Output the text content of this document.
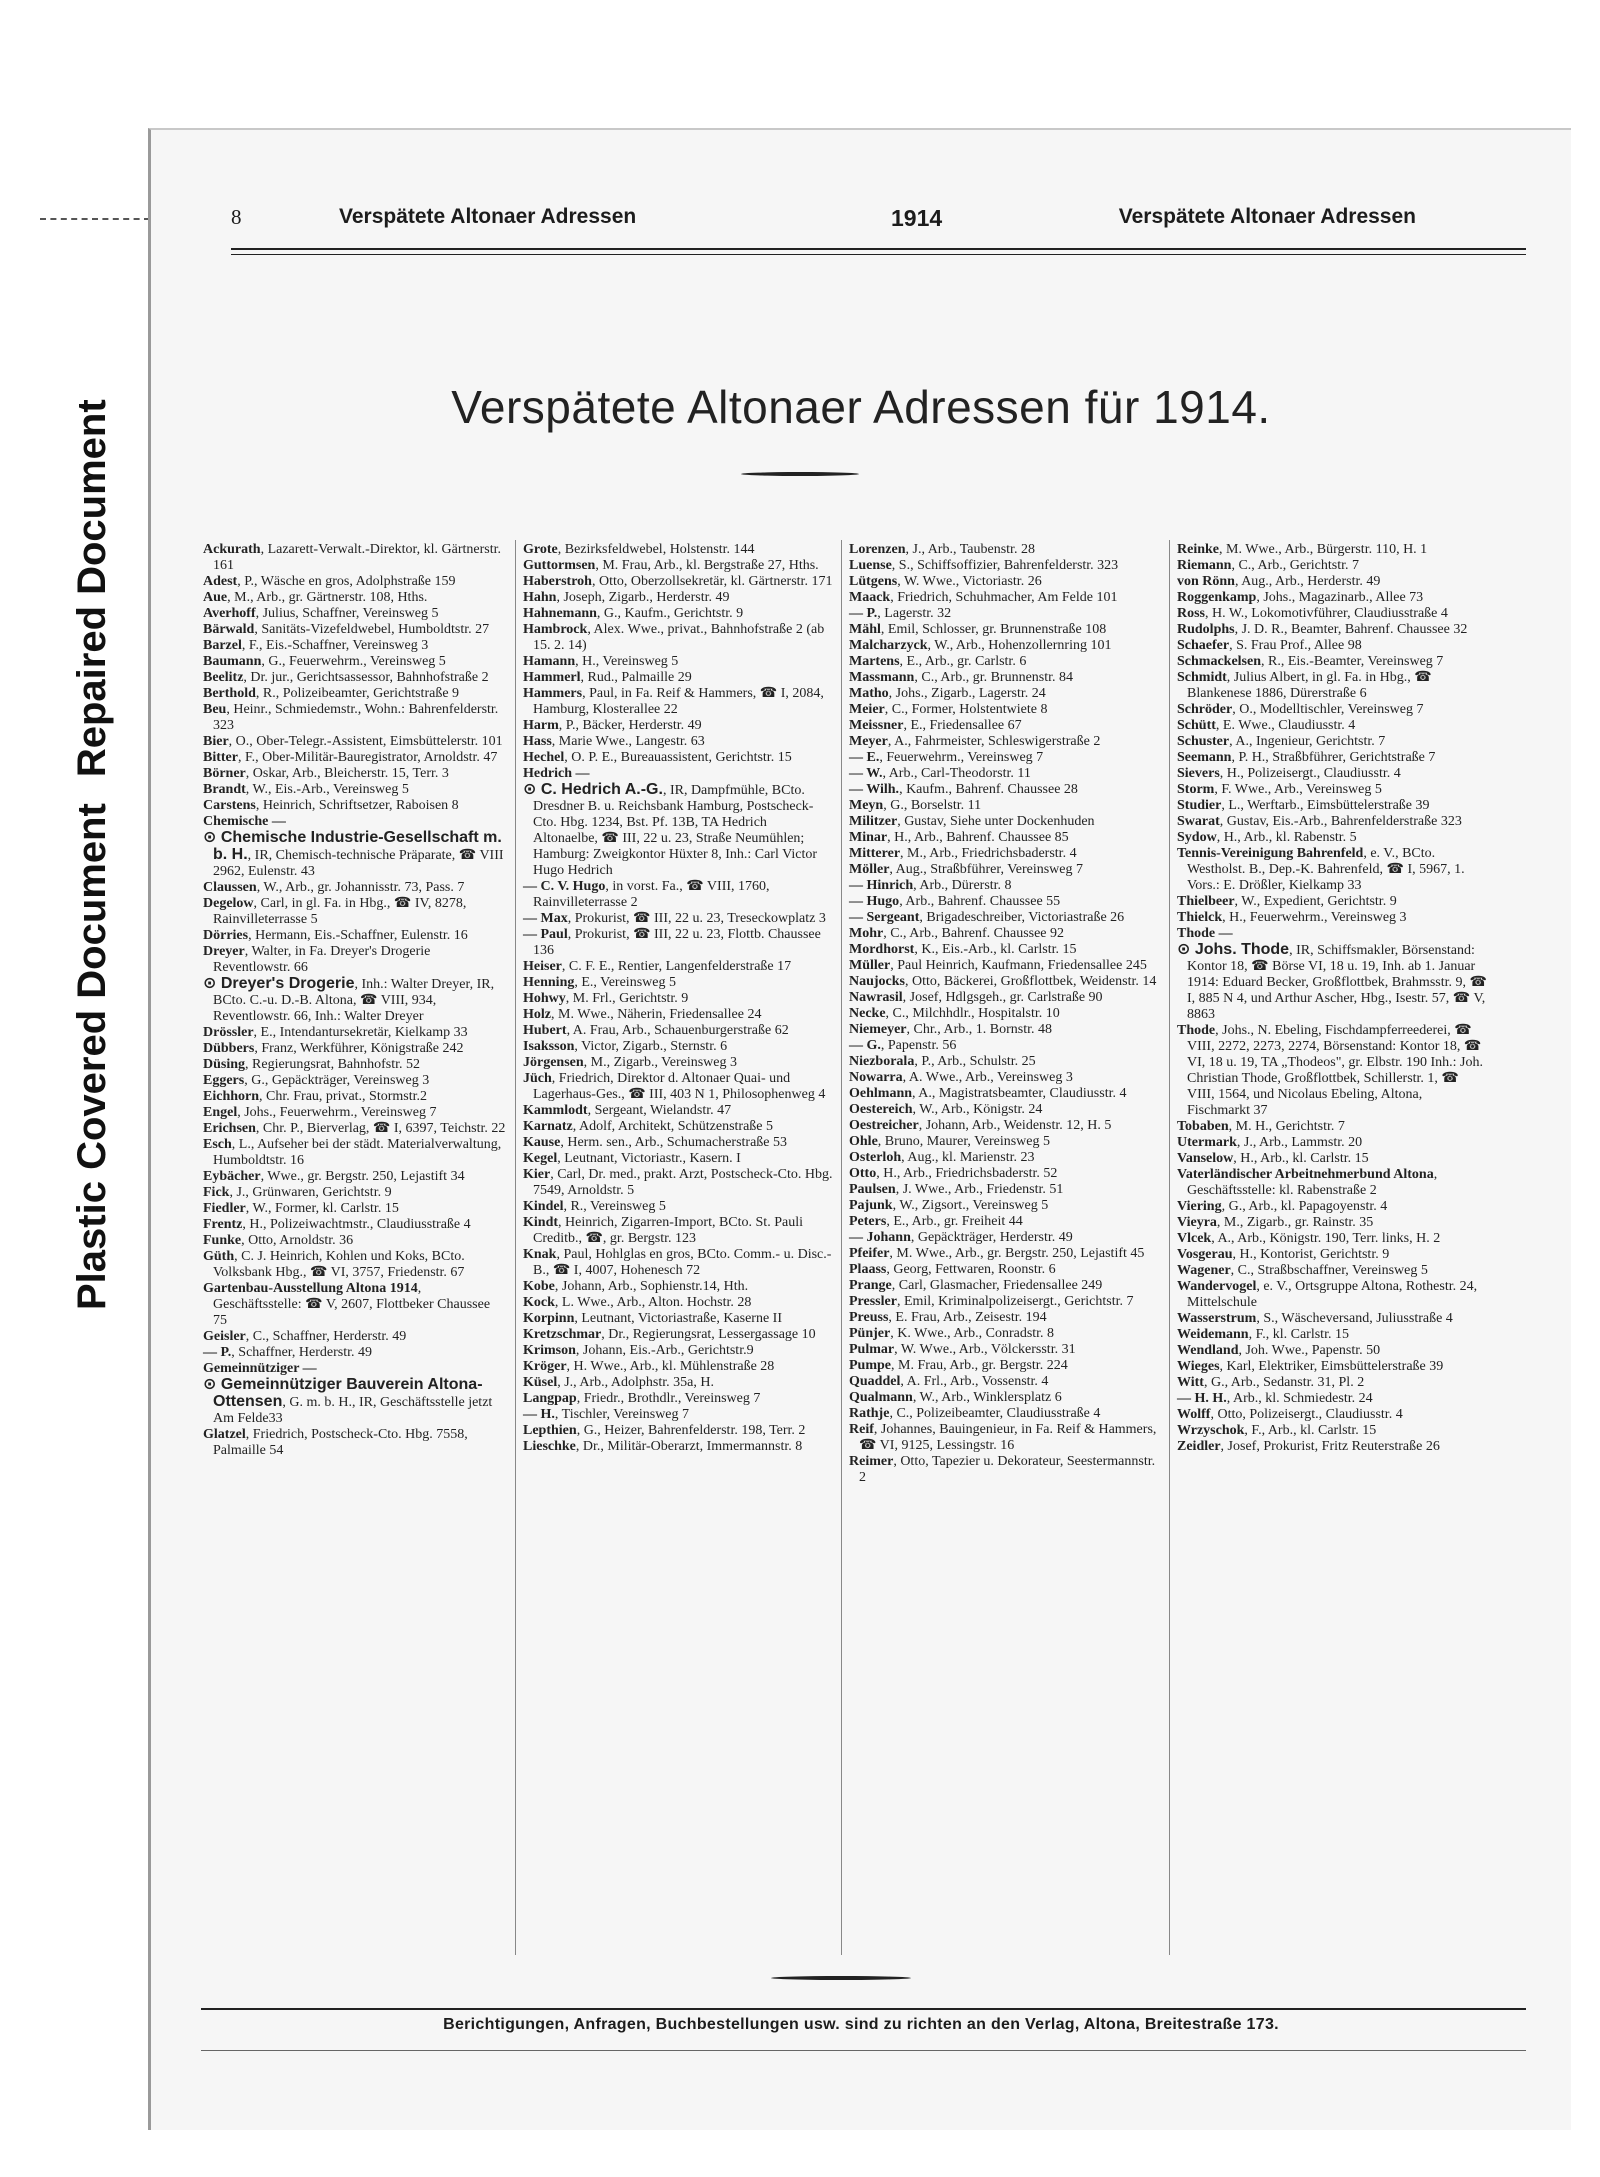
Plastic Covered DocumentRepaired Document
8	Verspätete Altonaer Adressen	1914	Verspätete Altonaer Adressen
Verspätete Altonaer Adressen für 1914.

Ackurath, Lazarett-Verwalt.-Direktor, kl. Gärtnerstr. 161

Adest, P., Wäsche en gros, Adolphstraße 159

Aue, M., Arb., gr. Gärtnerstr. 108, Hths.

Averhoff, Julius, Schaffner, Vereinsweg 5

Bärwald, Sanitäts-Vizefeldwebel, Humboldtstr. 27

Barzel, F., Eis.-Schaffner, Vereinsweg 3

Baumann, G., Feuerwehrm., Vereinsweg 5

Beelitz, Dr. jur., Gerichtsassessor, Bahnhofstraße 2

Berthold, R., Polizeibeamter, Gerichtstraße 9

Beu, Heinr., Schmiedemstr., Wohn.: Bahrenfelderstr. 323

Bier, O., Ober-Telegr.-Assistent, Eimsbüttelerstr. 101

Bitter, F., Ober-Militär-Bauregistrator, Arnoldstr. 47

Börner, Oskar, Arb., Bleicherstr. 15, Terr. 3

Brandt, W., Eis.-Arb., Vereinsweg 5

Carstens, Heinrich, Schriftsetzer, Raboisen 8

Chemische —

⊙ Chemische Industrie-Gesellschaft m. b. H., IR, Chemisch-technische Präparate, ☎ VIII 2962, Eulenstr. 43

Claussen, W., Arb., gr. Johannisstr. 73, Pass. 7

Degelow, Carl, in gl. Fa. in Hbg., ☎ IV, 8278, Rainvilleterrasse 5

Dörries, Hermann, Eis.-Schaffner, Eulenstr. 16

Dreyer, Walter, in Fa. Dreyer's Drogerie Reventlowstr. 66

⊙ Dreyer's Drogerie, Inh.: Walter Dreyer, IR, BCto. C.-u. D.-B. Altona, ☎ VIII, 934, Reventlowstr. 66, Inh.: Walter Dreyer

Drössler, E., Intendantursekretär, Kielkamp 33

Dübbers, Franz, Werkführer, Königstraße 242

Düsing, Regierungsrat, Bahnhofstr. 52

Eggers, G., Gepäckträger, Vereinsweg 3

Eichhorn, Chr. Frau, privat., Stormstr.2

Engel, Johs., Feuerwehrm., Vereinsweg 7

Erichsen, Chr. P., Bierverlag, ☎ I, 6397, Teichstr. 22

Esch, L., Aufseher bei der städt. Materialverwaltung, Humboldtstr. 16

Eybächer, Wwe., gr. Bergstr. 250, Lejastift 34

Fick, J., Grünwaren, Gerichtstr. 9

Fiedler, W., Former, kl. Carlstr. 15

Frentz, H., Polizeiwachtmstr., Claudiusstraße 4

Funke, Otto, Arnoldstr. 36

Güth, C. J. Heinrich, Kohlen und Koks, BCto. Volksbank Hbg., ☎ VI, 3757, Friedenstr. 67

Gartenbau-Ausstellung Altona 1914, Geschäftsstelle: ☎ V, 2607, Flottbeker Chaussee 75

Geisler, C., Schaffner, Herderstr. 49

— P., Schaffner, Herderstr. 49

Gemeinnütziger —

⊙ Gemeinnütziger Bauverein Altona-Ottensen, G. m. b. H., IR, Geschäftsstelle jetzt Am Felde33

Glatzel, Friedrich, Postscheck-Cto. Hbg. 7558, Palmaille 54

Grote, Bezirksfeldwebel, Holstenstr. 144

Guttormsen, M. Frau, Arb., kl. Bergstraße 27, Hths.

Haberstroh, Otto, Oberzollsekretär, kl. Gärtnerstr. 171

Hahn, Joseph, Zigarb., Herderstr. 49

Hahnemann, G., Kaufm., Gerichtstr. 9

Hambrock, Alex. Wwe., privat., Bahnhofstraße 2 (ab 15. 2. 14)

Hamann, H., Vereinsweg 5

Hammerl, Rud., Palmaille 29

Hammers, Paul, in Fa. Reif & Hammers, ☎ I, 2084, Hamburg, Klosterallee 22

Harm, P., Bäcker, Herderstr. 49

Hass, Marie Wwe., Langestr. 63

Hechel, O. P. E., Bureauassistent, Gerichtstr. 15

Hedrich —

⊙ C. Hedrich A.-G., IR, Dampfmühle, BCto. Dresdner B. u. Reichsbank Hamburg, Postscheck-Cto. Hbg. 1234, Bst. Pf. 13B, TA Hedrich Altonaelbe, ☎ III, 22 u. 23, Straße Neumühlen; Hamburg: Zweigkontor Hüxter 8, Inh.: Carl Victor Hugo Hedrich

— C. V. Hugo, in vorst. Fa., ☎ VIII, 1760, Rainvilleterrasse 2

— Max, Prokurist, ☎ III, 22 u. 23, Treseckowplatz 3

— Paul, Prokurist, ☎ III, 22 u. 23, Flottb. Chaussee 136

Heiser, C. F. E., Rentier, Langenfelderstraße 17

Henning, E., Vereinsweg 5

Hohwy, M. Frl., Gerichtstr. 9

Holz, M. Wwe., Näherin, Friedensallee 24

Hubert, A. Frau, Arb., Schauenburgerstraße 62

Isaksson, Victor, Zigarb., Sternstr. 6

Jörgensen, M., Zigarb., Vereinsweg 3

Jüch, Friedrich, Direktor d. Altonaer Quai- und Lagerhaus-Ges., ☎ III, 403 N 1, Philosophenweg 4

Kammlodt, Sergeant, Wielandstr. 47

Karnatz, Adolf, Architekt, Schützenstraße 5

Kause, Herm. sen., Arb., Schumacherstraße 53

Kegel, Leutnant, Victoriastr., Kasern. I

Kier, Carl, Dr. med., prakt. Arzt, Postscheck-Cto. Hbg. 7549, Arnoldstr. 5

Kindel, R., Vereinsweg 5

Kindt, Heinrich, Zigarren-Import, BCto. St. Pauli Creditb., ☎, gr. Bergstr. 123

Knak, Paul, Hohlglas en gros, BCto. Comm.- u. Disc.-B., ☎ I, 4007, Hohenesch 72

Kobe, Johann, Arb., Sophienstr.14, Hth.

Kock, L. Wwe., Arb., Alton. Hochstr. 28

Korpinn, Leutnant, Victoriastraße, Kaserne II

Kretzschmar, Dr., Regierungsrat, Lessergassage 10

Krimson, Johann, Eis.-Arb., Gerichtstr.9

Kröger, H. Wwe., Arb., kl. Mühlenstraße 28

Küsel, J., Arb., Adolphstr. 35a, H.

Langpap, Friedr., Brothdlr., Vereinsweg 7

— H., Tischler, Vereinsweg 7

Lepthien, G., Heizer, Bahrenfelderstr. 198, Terr. 2

Lieschke, Dr., Militär-Oberarzt, Immermannstr. 8

Lorenzen, J., Arb., Taubenstr. 28

Luense, S., Schiffsoffizier, Bahrenfelderstr. 323

Lütgens, W. Wwe., Victoriastr. 26

Maack, Friedrich, Schuhmacher, Am Felde 101

— P., Lagerstr. 32

Mähl, Emil, Schlosser, gr. Brunnenstraße 108

Malcharzyck, W., Arb., Hohenzollernring 101

Martens, E., Arb., gr. Carlstr. 6

Massmann, C., Arb., gr. Brunnenstr. 84

Matho, Johs., Zigarb., Lagerstr. 24

Meier, C., Former, Holstentwiete 8

Meissner, E., Friedensallee 67

Meyer, A., Fahrmeister, Schleswigerstraße 2

— E., Feuerwehrm., Vereinsweg 7

— W., Arb., Carl-Theodorstr. 11

— Wilh., Kaufm., Bahrenf. Chaussee 28

Meyn, G., Borselstr. 11

Militzer, Gustav, Siehe unter Dockenhuden

Minar, H., Arb., Bahrenf. Chaussee 85

Mitterer, M., Arb., Friedrichsbaderstr. 4

Möller, Aug., Straßbführer, Vereinsweg 7

— Hinrich, Arb., Dürerstr. 8

— Hugo, Arb., Bahrenf. Chaussee 55

— Sergeant, Brigadeschreiber, Victoriastraße 26

Mohr, C., Arb., Bahrenf. Chaussee 92

Mordhorst, K., Eis.-Arb., kl. Carlstr. 15

Müller, Paul Heinrich, Kaufmann, Friedensallee 245

Naujocks, Otto, Bäckerei, Großflottbek, Weidenstr. 14

Nawrasil, Josef, Hdlgsgeh., gr. Carlstraße 90

Necke, C., Milchhdlr., Hospitalstr. 10

Niemeyer, Chr., Arb., 1. Bornstr. 48

— G., Papenstr. 56

Niezborala, P., Arb., Schulstr. 25

Nowarra, A. Wwe., Arb., Vereinsweg 3

Oehlmann, A., Magistratsbeamter, Claudiusstr. 4

Oestereich, W., Arb., Königstr. 24

Oestreicher, Johann, Arb., Weidenstr. 12, H. 5

Ohle, Bruno, Maurer, Vereinsweg 5

Osterloh, Aug., kl. Marienstr. 23

Otto, H., Arb., Friedrichsbaderstr. 52

Paulsen, J. Wwe., Arb., Friedenstr. 51

Pajunk, W., Zigsort., Vereinsweg 5

Peters, E., Arb., gr. Freiheit 44

— Johann, Gepäckträger, Herderstr. 49

Pfeifer, M. Wwe., Arb., gr. Bergstr. 250, Lejastift 45

Plaass, Georg, Fettwaren, Roonstr. 6

Prange, Carl, Glasmacher, Friedensallee 249

Pressler, Emil, Kriminalpolizeisergt., Gerichtstr. 7

Preuss, E. Frau, Arb., Zeisestr. 194

Pünjer, K. Wwe., Arb., Conradstr. 8

Pulmar, W. Wwe., Arb., Völckersstr. 31

Pumpe, M. Frau, Arb., gr. Bergstr. 224

Quaddel, A. Frl., Arb., Vossenstr. 4

Qualmann, W., Arb., Winklersplatz 6

Rathje, C., Polizeibeamter, Claudiusstraße 4

Reif, Johannes, Bauingenieur, in Fa. Reif & Hammers, ☎ VI, 9125, Lessingstr. 16

Reimer, Otto, Tapezier u. Dekorateur, Seestermannstr. 2

Reinke, M. Wwe., Arb., Bürgerstr. 110, H. 1

Riemann, C., Arb., Gerichtstr. 7

von Rönn, Aug., Arb., Herderstr. 49

Roggenkamp, Johs., Magazinarb., Allee 73

Ross, H. W., Lokomotivführer, Claudiusstraße 4

Rudolphs, J. D. R., Beamter, Bahrenf. Chaussee 32

Schaefer, S. Frau Prof., Allee 98

Schmackelsen, R., Eis.-Beamter, Vereinsweg 7

Schmidt, Julius Albert, in gl. Fa. in Hbg., ☎ Blankenese 1886, Dürerstraße 6

Schröder, O., Modelltischler, Vereinsweg 7

Schütt, E. Wwe., Claudiusstr. 4

Schuster, A., Ingenieur, Gerichtstr. 7

Seemann, P. H., Straßbführer, Gerichtstraße 7

Sievers, H., Polizeisergt., Claudiusstr. 4

Storm, F. Wwe., Arb., Vereinsweg 5

Studier, L., Werftarb., Eimsbüttelerstraße 39

Swarat, Gustav, Eis.-Arb., Bahrenfelderstraße 323

Sydow, H., Arb., kl. Rabenstr. 5

Tennis-Vereinigung Bahrenfeld, e. V., BCto. Westholst. B., Dep.-K. Bahrenfeld, ☎ I, 5967, 1. Vors.: E. Drößler, Kielkamp 33

Thielbeer, W., Expedient, Gerichtstr. 9

Thielck, H., Feuerwehrm., Vereinsweg 3

Thode —

⊙ Johs. Thode, IR, Schiffsmakler, Börsenstand: Kontor 18, ☎ Börse VI, 18 u. 19, Inh. ab 1. Januar 1914: Eduard Becker, Großflottbek, Brahmsstr. 9, ☎ I, 885 N 4, und Arthur Ascher, Hbg., Isestr. 57, ☎ V, 8863

Thode, Johs., N. Ebeling, Fischdampferreederei, ☎ VIII, 2272, 2273, 2274, Börsenstand: Kontor 18, ☎ VI, 18 u. 19, TA „Thodeos", gr. Elbstr. 190 Inh.: Joh. Christian Thode, Großflottbek, Schillerstr. 1, ☎ VIII, 1564, und Nicolaus Ebeling, Altona, Fischmarkt 37

Tobaben, M. H., Gerichtstr. 7

Utermark, J., Arb., Lammstr. 20

Vanselow, H., Arb., kl. Carlstr. 15

Vaterländischer Arbeitnehmerbund Altona, Geschäftsstelle: kl. Rabenstraße 2

Viering, G., Arb., kl. Papagoyenstr. 4

Vieyra, M., Zigarb., gr. Rainstr. 35

Vlcek, A., Arb., Königstr. 190, Terr. links, H. 2

Vosgerau, H., Kontorist, Gerichtstr. 9

Wagener, C., Straßbschaffner, Vereinsweg 5

Wandervogel, e. V., Ortsgruppe Altona, Rothestr. 24, Mittelschule

Wasserstrum, S., Wäscheversand, Juliusstraße 4

Weidemann, F., kl. Carlstr. 15

Wendland, Joh. Wwe., Papenstr. 50

Wieges, Karl, Elektriker, Eimsbüttelerstraße 39

Witt, G., Arb., Sedanstr. 31, Pl. 2

— H. H., Arb., kl. Schmiedestr. 24

Wolff, Otto, Polizeisergt., Claudiusstr. 4

Wrzyschok, F., Arb., kl. Carlstr. 15

Zeidler, Josef, Prokurist, Fritz Reuterstraße 26

Berichtigungen, Anfragen, Buchbestellungen usw. sind zu richten an den Verlag, Altona, Breitestraße 173.
